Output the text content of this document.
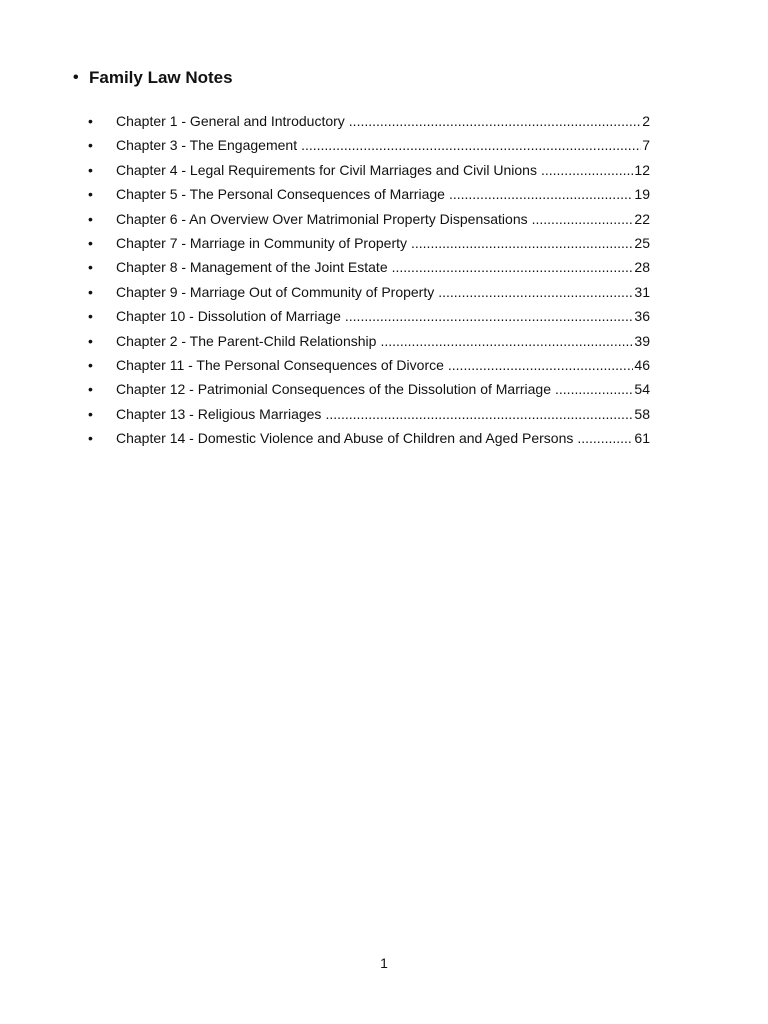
• Family Law Notes
•	Chapter 1 - General and Introductory .....	2
•	Chapter 3 - The Engagement .....	7
•	Chapter 4 - Legal Requirements for Civil Marriages and Civil Unions .....	12
•	Chapter 5 - The Personal Consequences of Marriage .....	19
•	Chapter 6 - An Overview Over Matrimonial Property Dispensations .....	22
•	Chapter 7 - Marriage in Community of Property .....	25
•	Chapter 8 - Management of the Joint Estate .....	28
•	Chapter 9 - Marriage Out of Community of Property .....	31
•	Chapter 10 - Dissolution of Marriage .....	36
•	Chapter 2 - The Parent-Child Relationship .....	39
•	Chapter 11 - The Personal Consequences of Divorce .....	46
•	Chapter 12 - Patrimonial Consequences of the Dissolution of Marriage .....	54
•	Chapter 13 - Religious Marriages .....	58
•	Chapter 14 - Domestic Violence and Abuse of Children and Aged Persons .....	61
1
